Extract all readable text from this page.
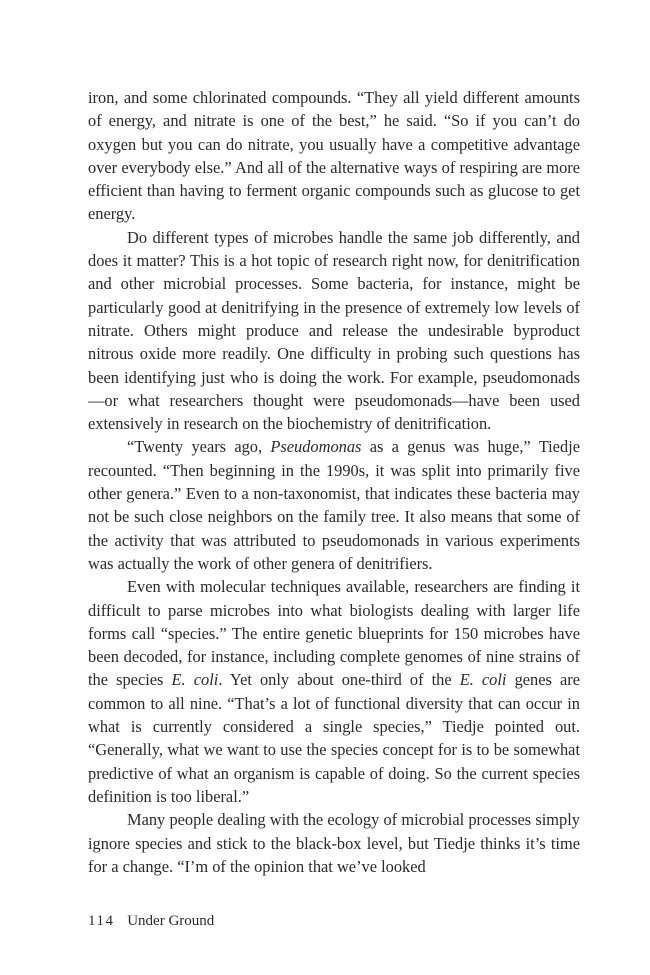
iron, and some chlorinated compounds. “They all yield different amounts of energy, and nitrate is one of the best,” he said. “So if you can’t do oxygen but you can do nitrate, you usually have a competitive advantage over everybody else.” And all of the alternative ways of respiring are more efficient than having to ferment organic compounds such as glucose to get energy.

Do different types of microbes handle the same job differently, and does it matter? This is a hot topic of research right now, for denitrification and other microbial processes. Some bacteria, for instance, might be particularly good at denitrifying in the presence of extremely low levels of nitrate. Others might produce and release the undesirable byproduct nitrous oxide more readily. One difficulty in probing such questions has been identifying just who is doing the work. For example, pseudomonads—or what researchers thought were pseudomonads—have been used extensively in research on the biochemistry of denitrification.

“Twenty years ago, Pseudomonas as a genus was huge,” Tiedje recounted. “Then beginning in the 1990s, it was split into primarily five other genera.” Even to a non-taxonomist, that indicates these bacteria may not be such close neighbors on the family tree. It also means that some of the activity that was attributed to pseudomonads in various experiments was actually the work of other genera of denitrifiers.

Even with molecular techniques available, researchers are finding it difficult to parse microbes into what biologists dealing with larger life forms call “species.” The entire genetic blueprints for 150 microbes have been decoded, for instance, including complete genomes of nine strains of the species E. coli. Yet only about one-third of the E. coli genes are common to all nine. “That’s a lot of functional diversity that can occur in what is currently considered a single species,” Tiedje pointed out. “Generally, what we want to use the species concept for is to be somewhat predictive of what an organism is capable of doing. So the current species definition is too liberal.”

Many people dealing with the ecology of microbial processes simply ignore species and stick to the black-box level, but Tiedje thinks it’s time for a change. “I’m of the opinion that we’ve looked

114 Under Ground
